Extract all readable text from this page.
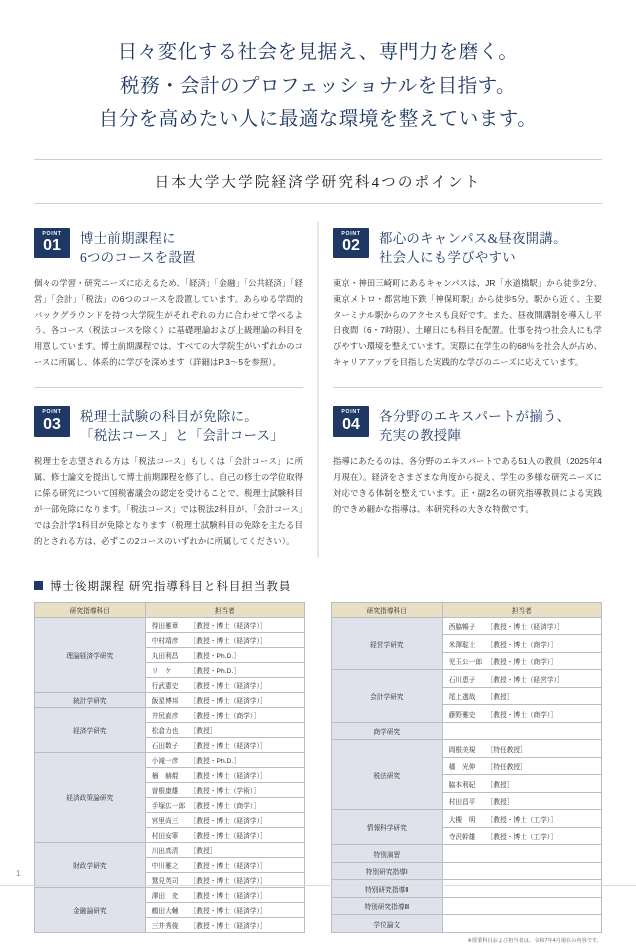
日々変化する社会を見据え、専門力を磨く。
税務・会計のプロフェッショナルを目指す。
自分を高めたい人に最適な環境を整えています。
日本大学大学院経済学研究科4つのポイント
POINT
01	博士前期課程に
6つのコースを設置
個々の学習・研究ニーズに応えるため、「経済」「金融」「公共経済」「経営」「会計」「税法」の6つのコースを設置しています。あらゆる学問的バックグラウンドを持つ大学院生がそれぞれの力に合わせて学べるよう、各コース（税法コースを除く）に基礎理論および上級理論の科目を用意しています。博士前期課程では、すべての大学院生がいずれかのコースに所属し、体系的に学びを深めます（詳細はP.3〜5を参照）。
POINT
02	都心のキャンパス&昼夜開講。
社会人にも学びやすい
東京・神田三崎町にあるキャンパスは、JR「水道橋駅」から徒歩2分、東京メトロ・都営地下鉄「神保町駅」から徒歩5分。駅から近く、主要ターミナル駅からのアクセスも良好です。また、昼夜開講制を導入し平日夜間（6・7時限）、土曜日にも科目を配置。仕事を持つ社会人にも学びやすい環境を整えています。実際に在学生の約68％を社会人が占め、キャリアアップを目指した実践的な学びのニーズに応えています。
POINT
03	税理士試験の科目が免除に。
「税法コース」と「会計コース」
税理士を志望される方は「税法コース」もしくは「会計コース」に所属、修士論文を提出して博士前期課程を修了し、自己の修士の学位取得に係る研究について国税審議会の認定を受けることで、税理士試験科目が一部免除になります。「税法コース」では税法2科目が、「会計コース」では会計学1科目が免除となります（税理士試験科目の免除を主たる目的とされる方は、必ずこの2コースのいずれかに所属してください）。
POINT
04	各分野のエキスパートが揃う、
充実の教授陣
指導にあたるのは、各分野のエキスパートである51人の教員（2025年4月現在）。経済をさまざまな角度から捉え、学生の多様な研究ニーズに対応できる体制を整えています。正・副2名の研究指導教員による実践的できめ細かな指導は、本研究科の大きな特徴です。
博士後期課程 研究指導科目と科目担当教員
研究指導科目	担当者
理論経済学研究	得田雅章 ［教授・博士（経済学）］
	中村靖彦 ［教授・博士（経済学）］
	丸田利昌 ［教授・Ph.D.］
	リ　ケ ［教授・Ph.D.］
	行武憲史 ［教授・博士（経済学）］
統計学研究	飯星博邦 ［教授・博士（経済学）］
経済学研究	井尻直彦 ［教授・博士（商学）］
	松倉力也 ［教授］
	石田数子 ［教授・博士（経済学）］
経済政策論研究	小滝一彦 ［教授・Ph.D.］
	楢　赫焜 ［教授・博士（経済学）］
	曽根康雄 ［教授・博士（学術）］
	手塚広一郎 ［教授・博士（商学）］
	宮里尚三 ［教授・博士（経済学）］
	村田安寧 ［教授・博士（経済学）］
財政学研究	川出真清 ［教授］
	中川雅之 ［教授・博士（経済学）］
	鷲見英司 ［教授・博士（経済学）］
金融論研究	澤田　充 ［教授・博士（経済学）］
	鶴田大輔 ［教授・博士（経済学）］
	三井秀俊 ［教授・博士（経済学）］
研究指導科目	担当者
経営学研究	西脇暢子 ［教授・博士（経済学）］
	米澤聡士 ［教授・博士（商学）］
	児玉公一郎 ［教授・博士（商学）］
会計学研究	石川恵子 ［教授・博士（経営学）］
	尾上選哉 ［教授］
	藤野雅史 ［教授・博士（商学）］
商学研究	
税法研究	岡根美規 ［特任教授］
	橘　光伸 ［特任教授］
	脇本利紀 ［教授］
	村田昌平 ［教授］
情報科学研究	大槻　明 ［教授・博士（工学）］
	寺沢幹雄 ［教授・博士（工学）］
特別演習	
特別研究指導Ⅰ	
特別研究指導Ⅱ	
特別研究指導Ⅲ	
学位論文	
※授業科目および担当者は、令和7年4月現在の内容です。
1
